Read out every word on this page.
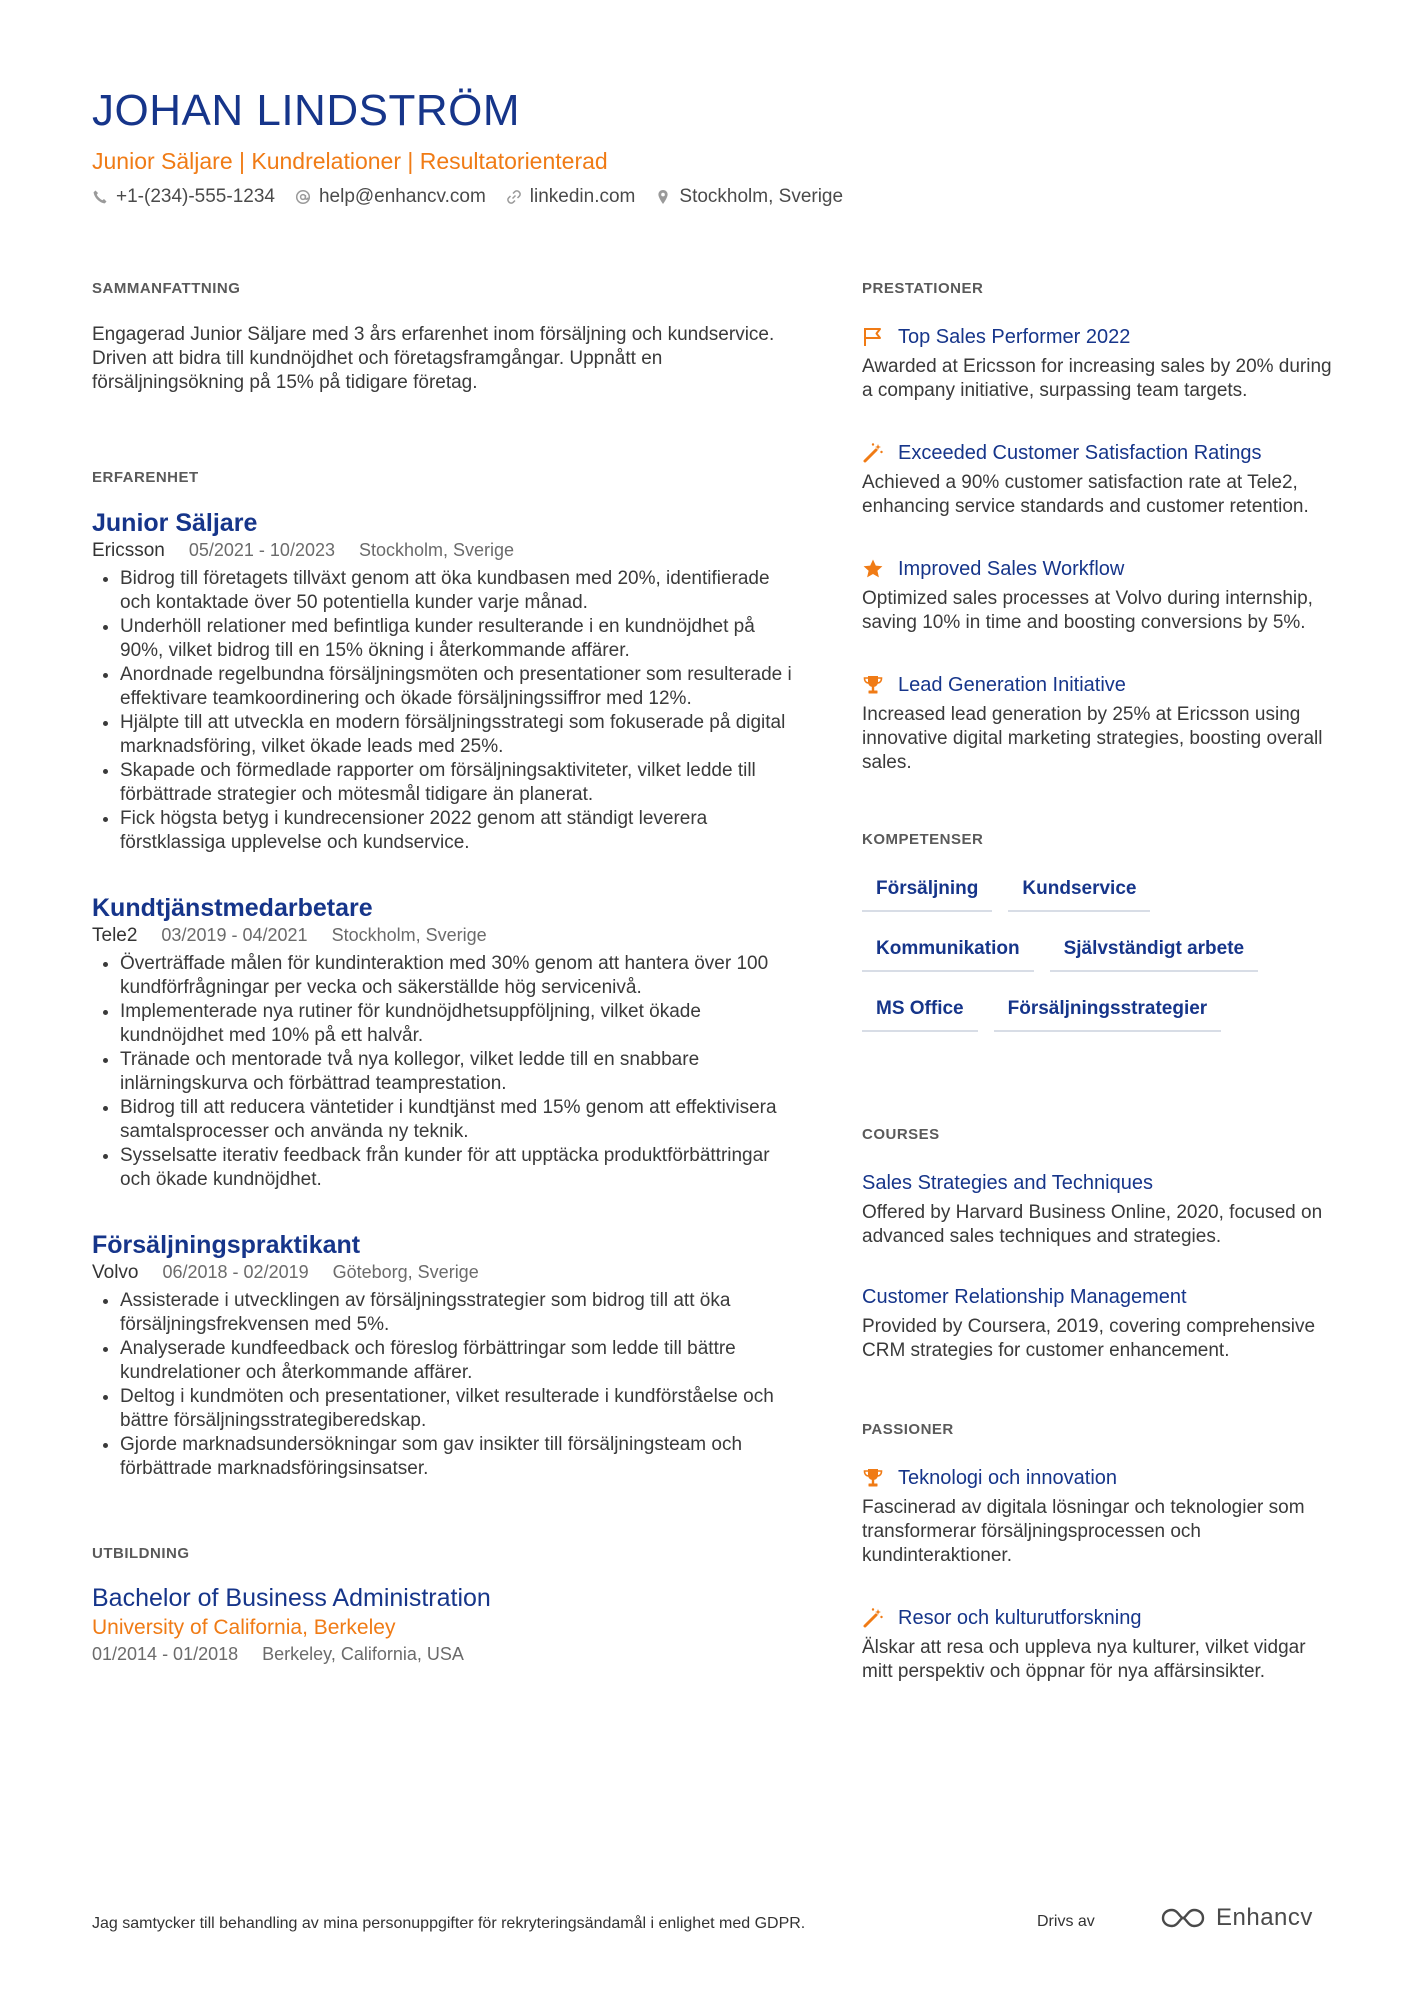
JOHAN LINDSTRÖM
Junior Säljare | Kundrelationer | Resultatorienterad
+1-(234)-555-1234 help@enhancv.com linkedin.com Stockholm, Sverige
SAMMANFATTNING

Engagerad Junior Säljare med 3 års erfarenhet inom försäljning och kundservice. Driven att bidra till kundnöjdhet och företagsframgångar. Uppnått en försäljningsökning på 15% på tidigare företag.

ERFARENHET
Junior Säljare
Ericsson 05/2021 - 10/2023 Stockholm, Sverige
• Bidrog till företagets tillväxt genom att öka kundbasen med 20%, identifierade och kontaktade över 50 potentiella kunder varje månad.
• Underhöll relationer med befintliga kunder resulterande i en kundnöjdhet på 90%, vilket bidrog till en 15% ökning i återkommande affärer.
• Anordnade regelbundna försäljningsmöten och presentationer som resulterade i effektivare teamkoordinering och ökade försäljningssiffror med 12%.
• Hjälpte till att utveckla en modern försäljningsstrategi som fokuserade på digital marknadsföring, vilket ökade leads med 25%.
• Skapade och förmedlade rapporter om försäljningsaktiviteter, vilket ledde till förbättrade strategier och mötesmål tidigare än planerat.
• Fick högsta betyg i kundrecensioner 2022 genom att ständigt leverera förstklassiga upplevelse och kundservice.
Kundtjänstmedarbetare
Tele2 03/2019 - 04/2021 Stockholm, Sverige
• Överträffade målen för kundinteraktion med 30% genom att hantera över 100 kundförfrågningar per vecka och säkerställde hög servicenivå.
• Implementerade nya rutiner för kundnöjdhetsuppföljning, vilket ökade kundnöjdhet med 10% på ett halvår.
• Tränade och mentorade två nya kollegor, vilket ledde till en snabbare inlärningskurva och förbättrad teamprestation.
• Bidrog till att reducera väntetider i kundtjänst med 15% genom att effektivisera samtalsprocesser och använda ny teknik.
• Sysselsatte iterativ feedback från kunder för att upptäcka produktförbättringar och ökade kundnöjdhet.
Försäljningspraktikant
Volvo 06/2018 - 02/2019 Göteborg, Sverige
• Assisterade i utvecklingen av försäljningsstrategier som bidrog till att öka försäljningsfrekvensen med 5%.
• Analyserade kundfeedback och föreslog förbättringar som ledde till bättre kundrelationer och återkommande affärer.
• Deltog i kundmöten och presentationer, vilket resulterade i kundförståelse och bättre försäljningsstrategiberedskap.
• Gjorde marknadsundersökningar som gav insikter till försäljningsteam och förbättrade marknadsföringsinsatser.
UTBILDNING
Bachelor of Business Administration
University of California, Berkeley
01/2014 - 01/2018 Berkeley, California, USA
PRESTATIONER
Top Sales Performer 2022
Awarded at Ericsson for increasing sales by 20% during a company initiative, surpassing team targets.
Exceeded Customer Satisfaction Ratings
Achieved a 90% customer satisfaction rate at Tele2, enhancing service standards and customer retention.
Improved Sales Workflow
Optimized sales processes at Volvo during internship, saving 10% in time and boosting conversions by 5%.
Lead Generation Initiative
Increased lead generation by 25% at Ericsson using innovative digital marketing strategies, boosting overall sales.
KOMPETENSER
Försäljning	Kundservice
Kommunikation	Självständigt arbete
MS Office	Försäljningsstrategier
COURSES
Sales Strategies and Techniques
Offered by Harvard Business Online, 2020, focused on advanced sales techniques and strategies.
Customer Relationship Management
Provided by Coursera, 2019, covering comprehensive CRM strategies for customer enhancement.
PASSIONER
Teknologi och innovation
Fascinerad av digitala lösningar och teknologier som transformerar försäljningsprocessen och kundinteraktioner.
Resor och kulturutforskning
Älskar att resa och uppleva nya kulturer, vilket vidgar mitt perspektiv och öppnar för nya affärsinsikter.
Jag samtycker till behandling av mina personuppgifter för rekryteringsändamål i enlighet med GDPR.	Drivs av	Enhancv
